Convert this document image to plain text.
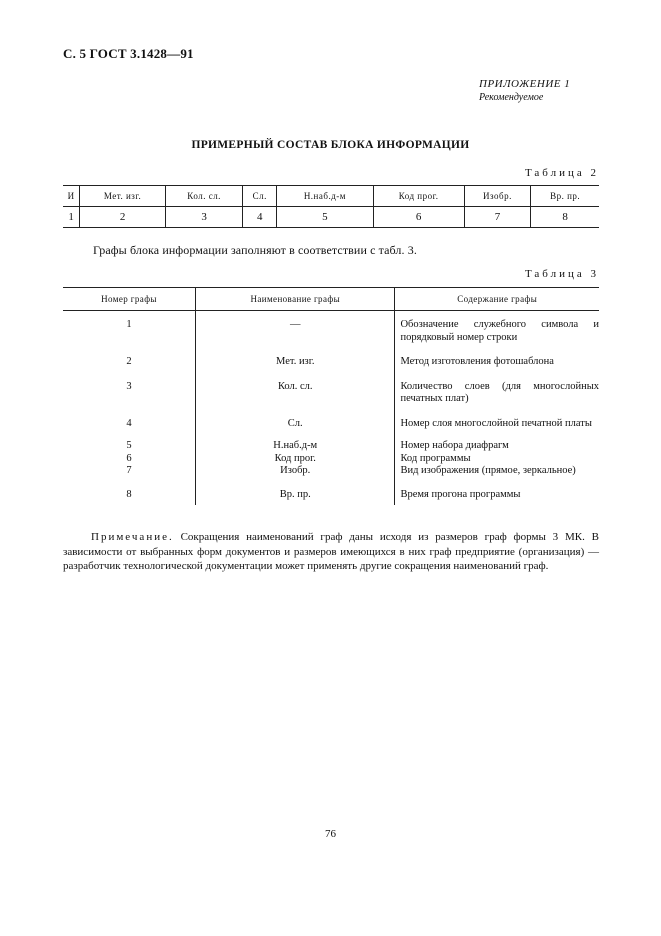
С. 5 ГОСТ 3.1428—91
ПРИЛОЖЕНИЕ 1
Рекомендуемое
ПРИМЕРНЫЙ СОСТАВ БЛОКА ИНФОРМАЦИИ
Таблица 2
И	Мет. изг.	Кол. сл.	Сл.	Н.наб.д-м	Код прог.	Изобр.	Вр. пр.
1	2	3	4	5	6	7	8
Графы блока информации заполняют в соответствии с табл. 3.
Таблица 3
Номер графы	Наименование графы	Содержание графы
1	—	Обозначение служебного символа и порядковый номер строки
2	Мет. изг.	Метод изготовления фотошаблона
3	Кол. сл.	Количество слоев (для многослойных печатных плат)
4	Сл.	Номер слоя многослойной печатной платы
5	Н.наб.д-м	Номер набора диафрагм
6	Код прог.	Код программы
7	Изобр.	Вид изображения (прямое, зеркальное)
8	Вр. пр.	Время прогона программы
Примечание. Сокращения наименований граф даны исходя из размеров граф формы 3 МК. В зависимости от выбранных форм документов и размеров имеющихся в них граф предприятие (организация) — разработчик технологической документации может применять другие сокращения наименований граф.
76
